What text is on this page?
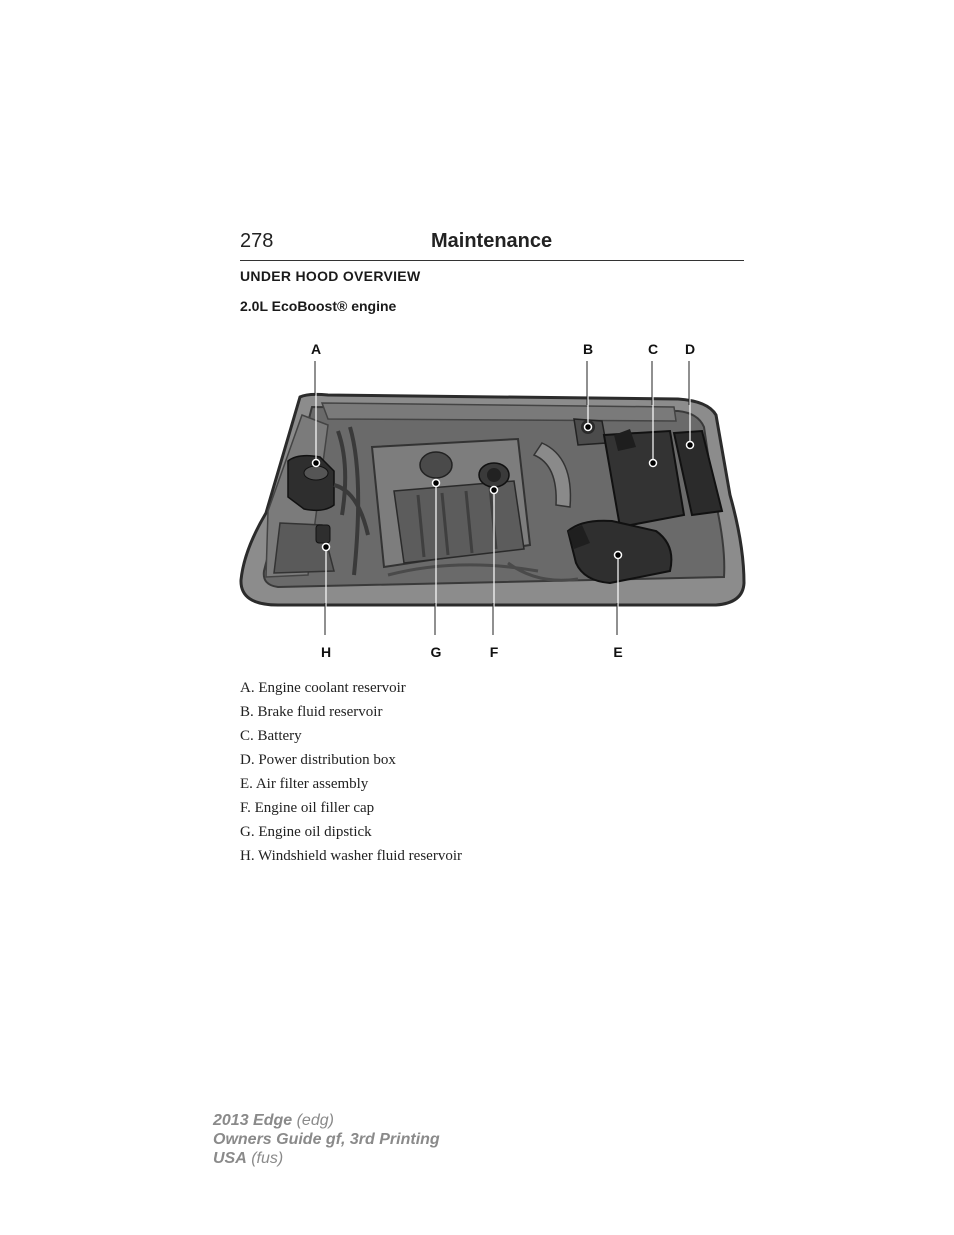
278	Maintenance
UNDER HOOD OVERVIEW
2.0L EcoBoost® engine
A	B	C D
E
F
G
H
A. Engine coolant reservoir
B. Brake fluid reservoir
C. Battery
D. Power distribution box
E. Air filter assembly
F. Engine oil filler cap
G. Engine oil dipstick
H. Windshield washer fluid reservoir
2013 Edge (edg)
Owners Guide gf, 3rd Printing
USA (fus)
